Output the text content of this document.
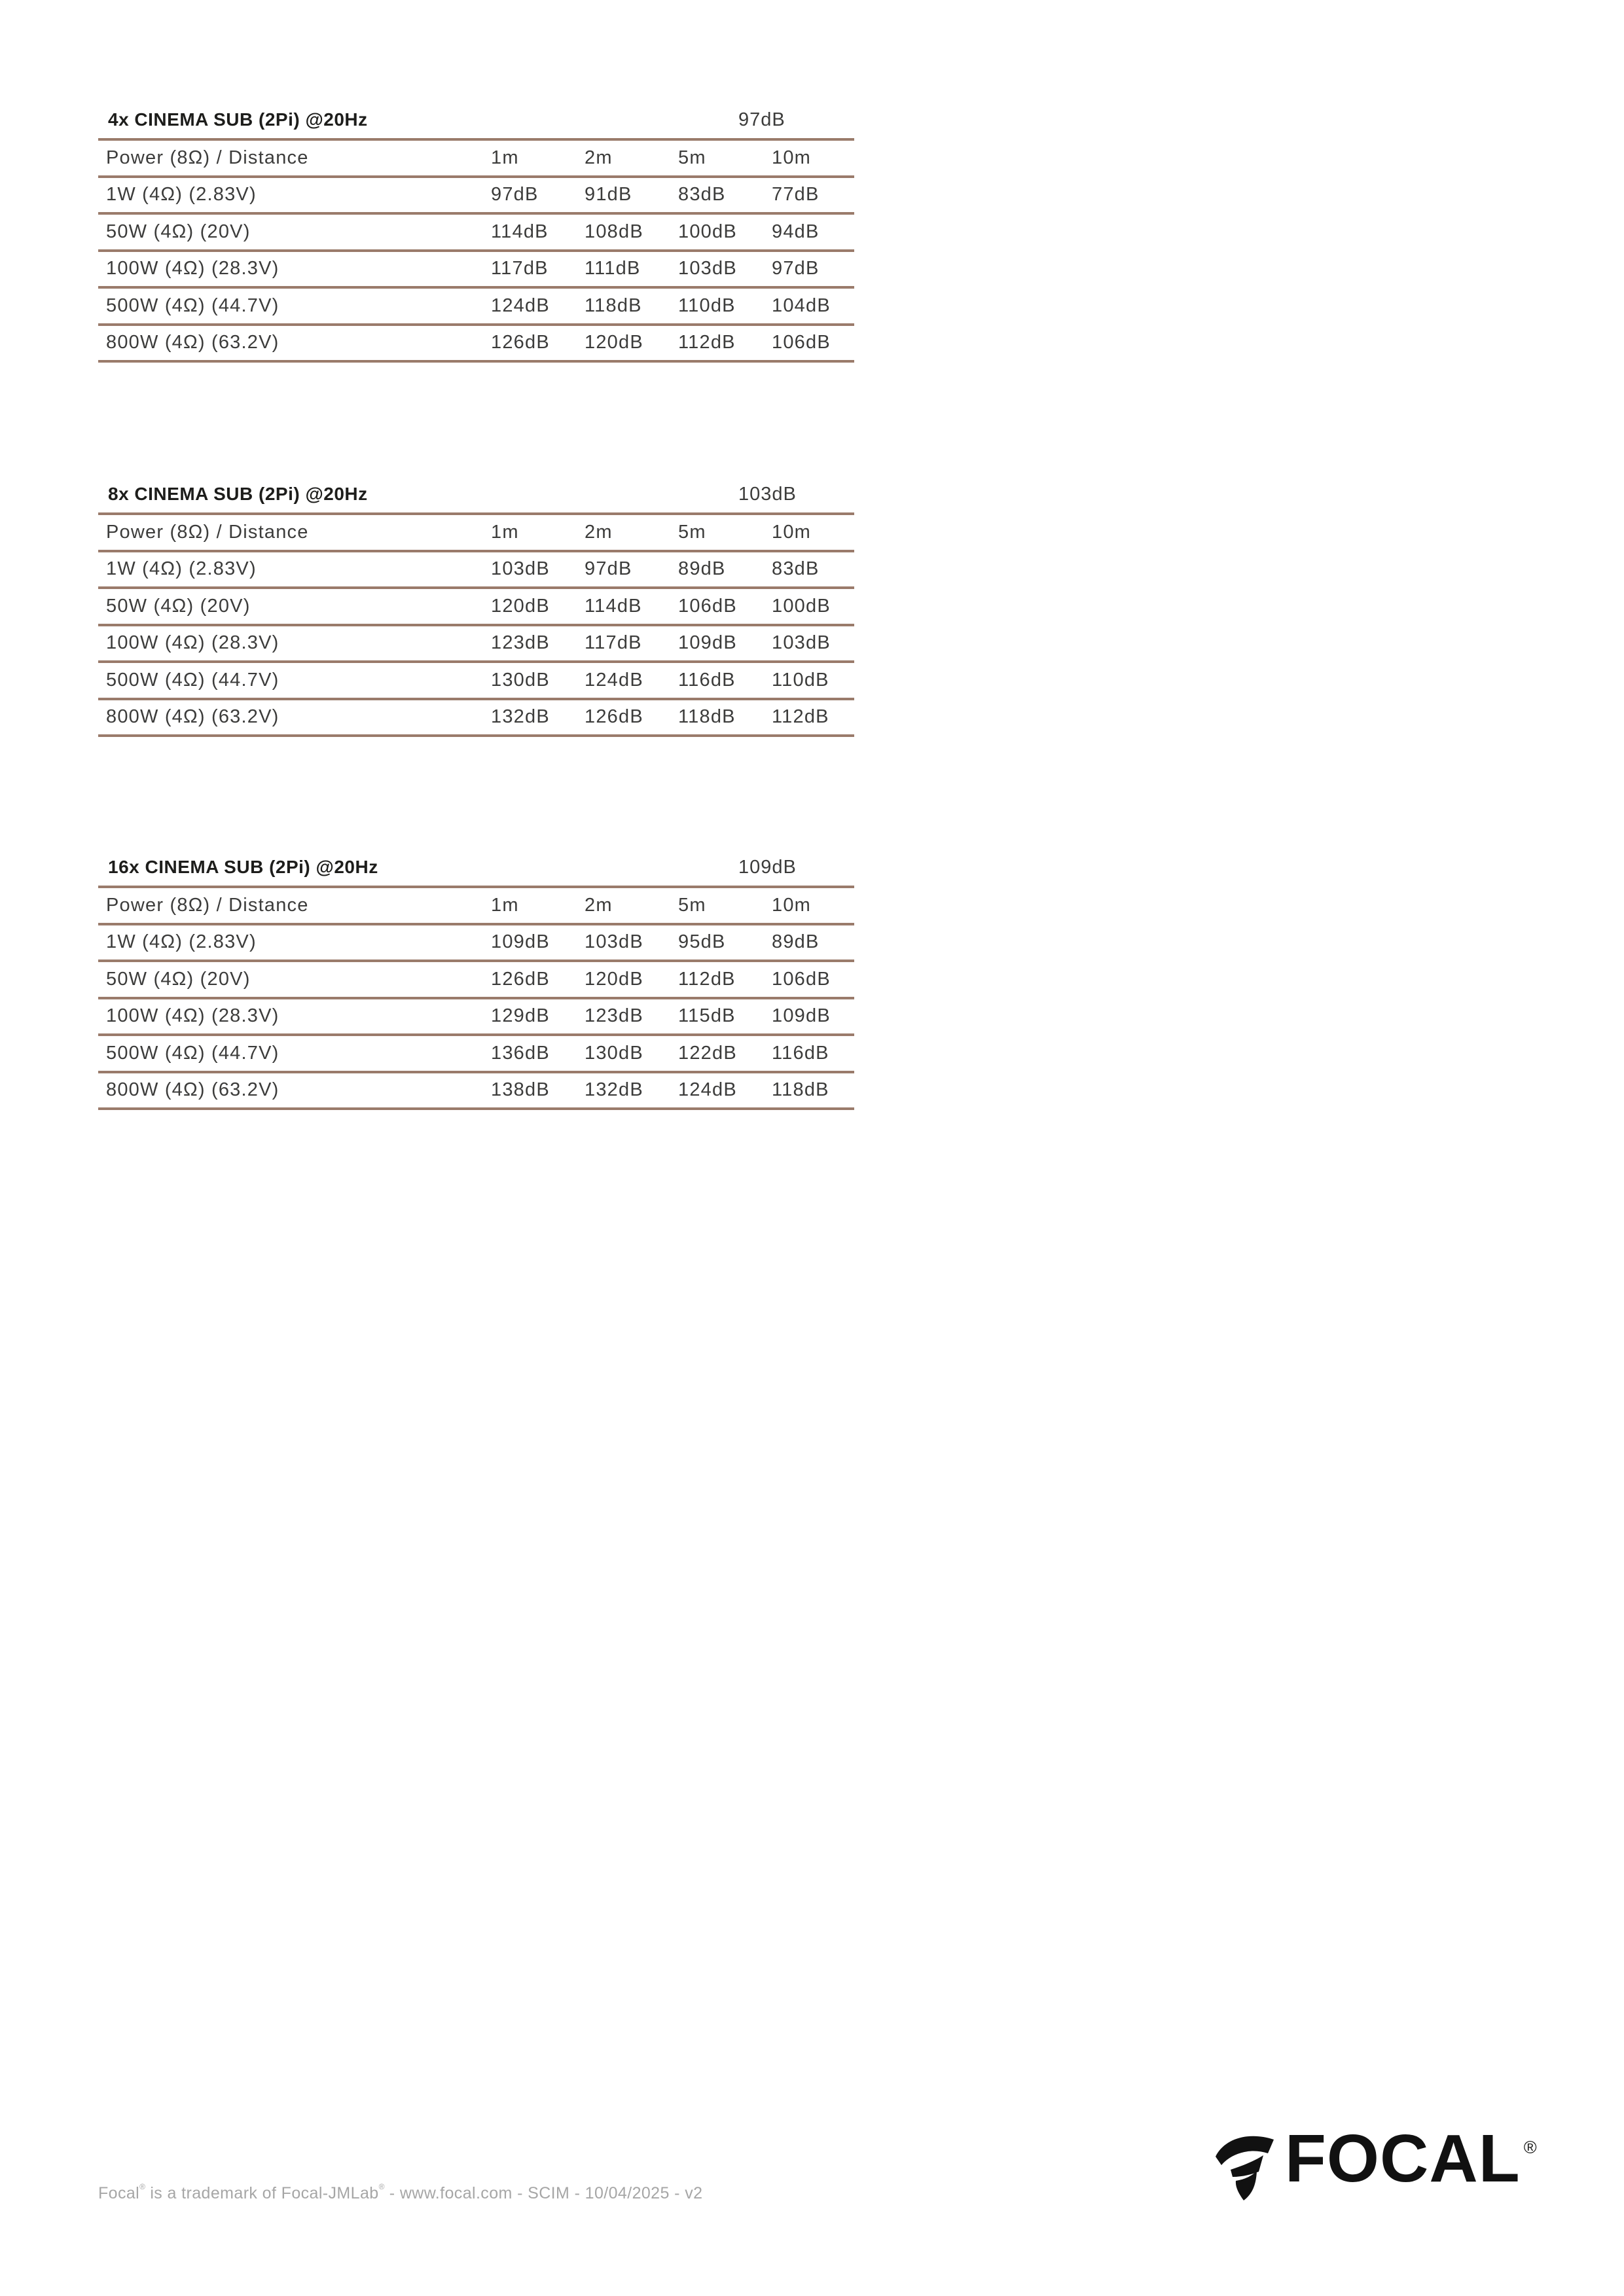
4x CINEMA SUB (2Pi) @20Hz	97dB
Power (8Ω) / Distance	1m	2m	5m	10m
1W (4Ω) (2.83V)	97dB	91dB	83dB	77dB
50W (4Ω) (20V)	114dB	108dB	100dB	94dB
100W (4Ω) (28.3V)	117dB	111dB	103dB	97dB
500W (4Ω) (44.7V)	124dB	118dB	110dB	104dB
800W (4Ω) (63.2V)	126dB	120dB	112dB	106dB
8x CINEMA SUB (2Pi) @20Hz	103dB
Power (8Ω) / Distance	1m	2m	5m	10m
1W (4Ω) (2.83V)	103dB	97dB	89dB	83dB
50W (4Ω) (20V)	120dB	114dB	106dB	100dB
100W (4Ω) (28.3V)	123dB	117dB	109dB	103dB
500W (4Ω) (44.7V)	130dB	124dB	116dB	110dB
800W (4Ω) (63.2V)	132dB	126dB	118dB	112dB
16x CINEMA SUB (2Pi) @20Hz	109dB
Power (8Ω) / Distance	1m	2m	5m	10m
1W (4Ω) (2.83V)	109dB	103dB	95dB	89dB
50W (4Ω) (20V)	126dB	120dB	112dB	106dB
100W (4Ω) (28.3V)	129dB	123dB	115dB	109dB
500W (4Ω) (44.7V)	136dB	130dB	122dB	116dB
800W (4Ω) (63.2V)	138dB	132dB	124dB	118dB
Focal® is a trademark of Focal-JMLab® - www.focal.com - SCIM - 10/04/2025 - v2	FOCAL ®
